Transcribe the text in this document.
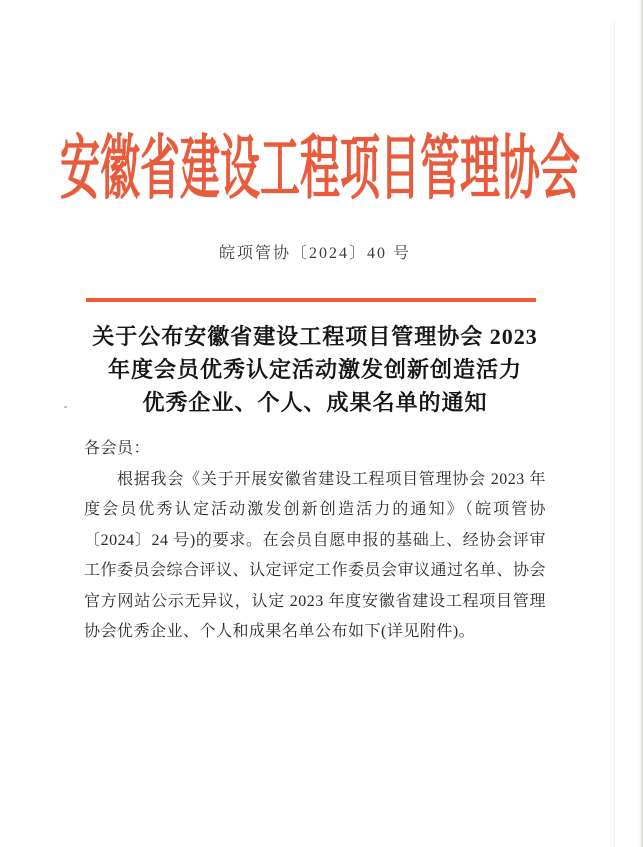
安徽省建设工程项目管理协会
皖项管协〔2024〕40 号
关于公布安徽省建设工程项目管理协会 2023
年度会员优秀认定活动激发创新创造活力
优秀企业、个人、成果名单的通知
各会员：
根据我会《关于开展安徽省建设工程项目管理协会 2023 年
度会员优秀认定活动激发创新创造活力的通知》（皖项管协
〔2024〕24 号)的要求。在会员自愿申报的基础上、经协会评审
工作委员会综合评议、认定评定工作委员会审议通过名单、协会
官方网站公示无异议，认定 2023 年度安徽省建设工程项目管理
协会优秀企业、个人和成果名单公布如下(详见附件)。
